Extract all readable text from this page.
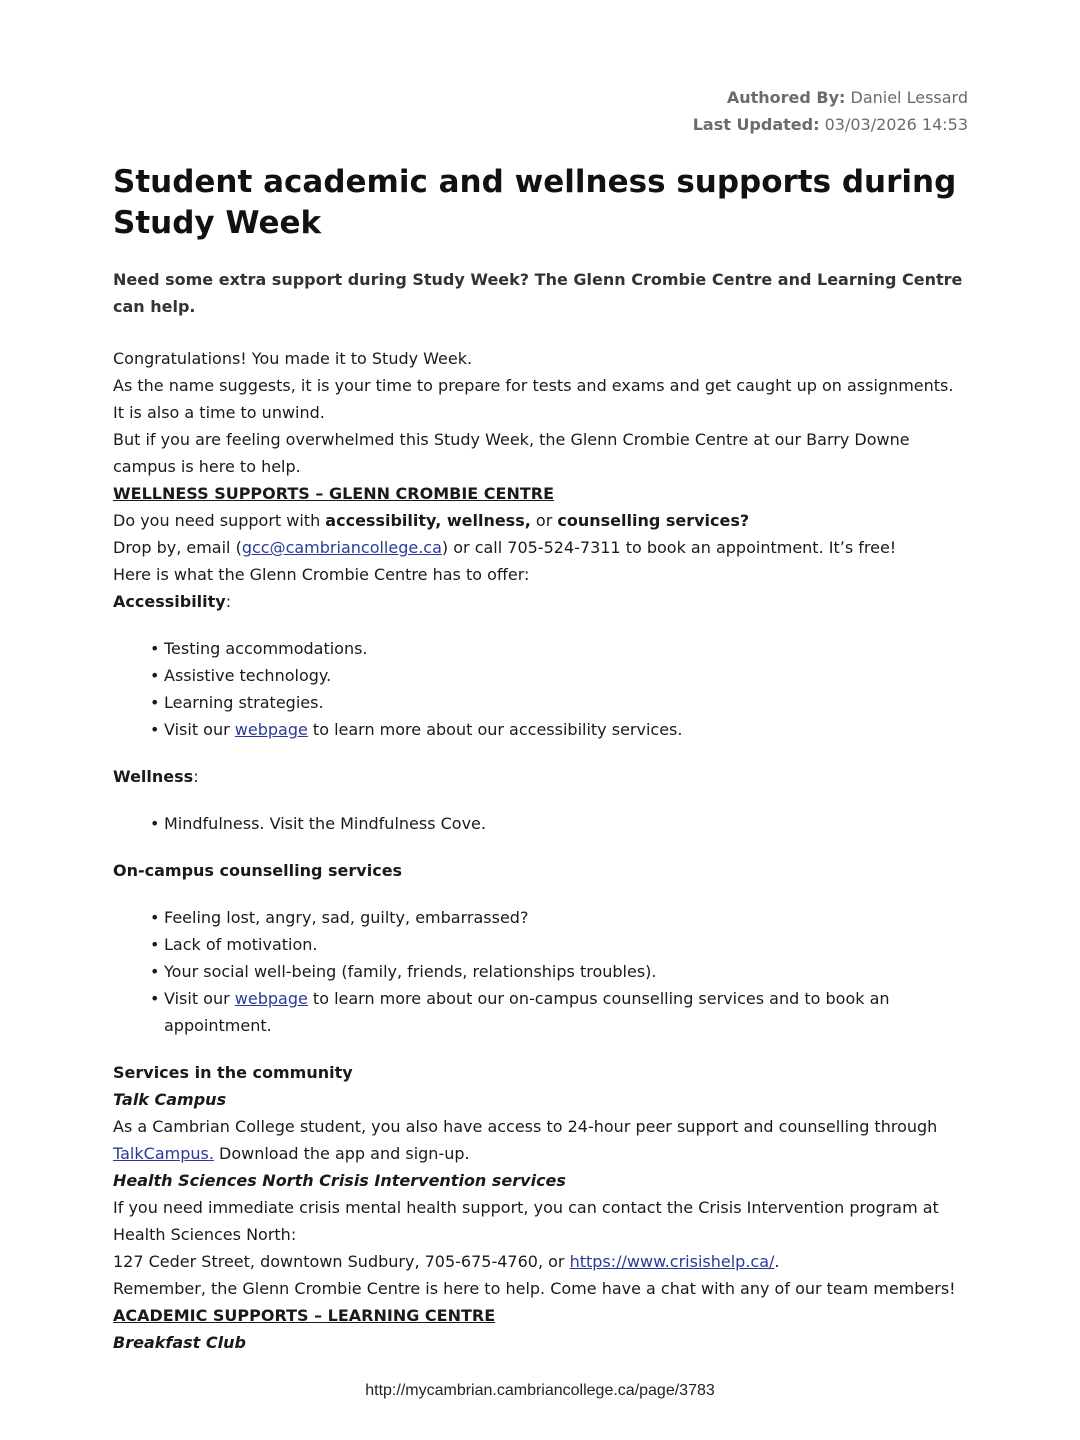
Authored By: Daniel Lessard
Last Updated: 03/03/2026 14:53
Student academic and wellness supports during Study Week

Need some extra support during Study Week? The Glenn Crombie Centre and Learning Centre can help.

Congratulations! You made it to Study Week.

As the name suggests, it is your time to prepare for tests and exams and get caught up on assignments.

It is also a time to unwind.

But if you are feeling overwhelmed this Study Week, the Glenn Crombie Centre at our Barry Downe campus is here to help.

WELLNESS SUPPORTS – GLENN CROMBIE CENTRE

Do you need support with accessibility, wellness, or counselling services?

Drop by, email (gcc@cambriancollege.ca) or call 705-524-7311 to book an appointment. It’s free!

Here is what the Glenn Crombie Centre has to offer:

Accessibility:

• Testing accommodations.
• Assistive technology.
• Learning strategies.
• Visit our webpage to learn more about our accessibility services.

Wellness:

• Mindfulness. Visit the Mindfulness Cove.

On-campus counselling services

• Feeling lost, angry, sad, guilty, embarrassed?
• Lack of motivation.
• Your social well-being (family, friends, relationships troubles).
• Visit our webpage to learn more about our on-campus counselling services and to book an appointment.

Services in the community

Talk Campus

As a Cambrian College student, you also have access to 24-hour peer support and counselling through TalkCampus. Download the app and sign-up.

Health Sciences North Crisis Intervention services

If you need immediate crisis mental health support, you can contact the Crisis Intervention program at Health Sciences North:

127 Ceder Street, downtown Sudbury, 705-675-4760, or https://www.crisishelp.ca/.

Remember, the Glenn Crombie Centre is here to help. Come have a chat with any of our team members!

ACADEMIC SUPPORTS – LEARNING CENTRE

Breakfast Club

http://mycambrian.cambriancollege.ca/page/3783
